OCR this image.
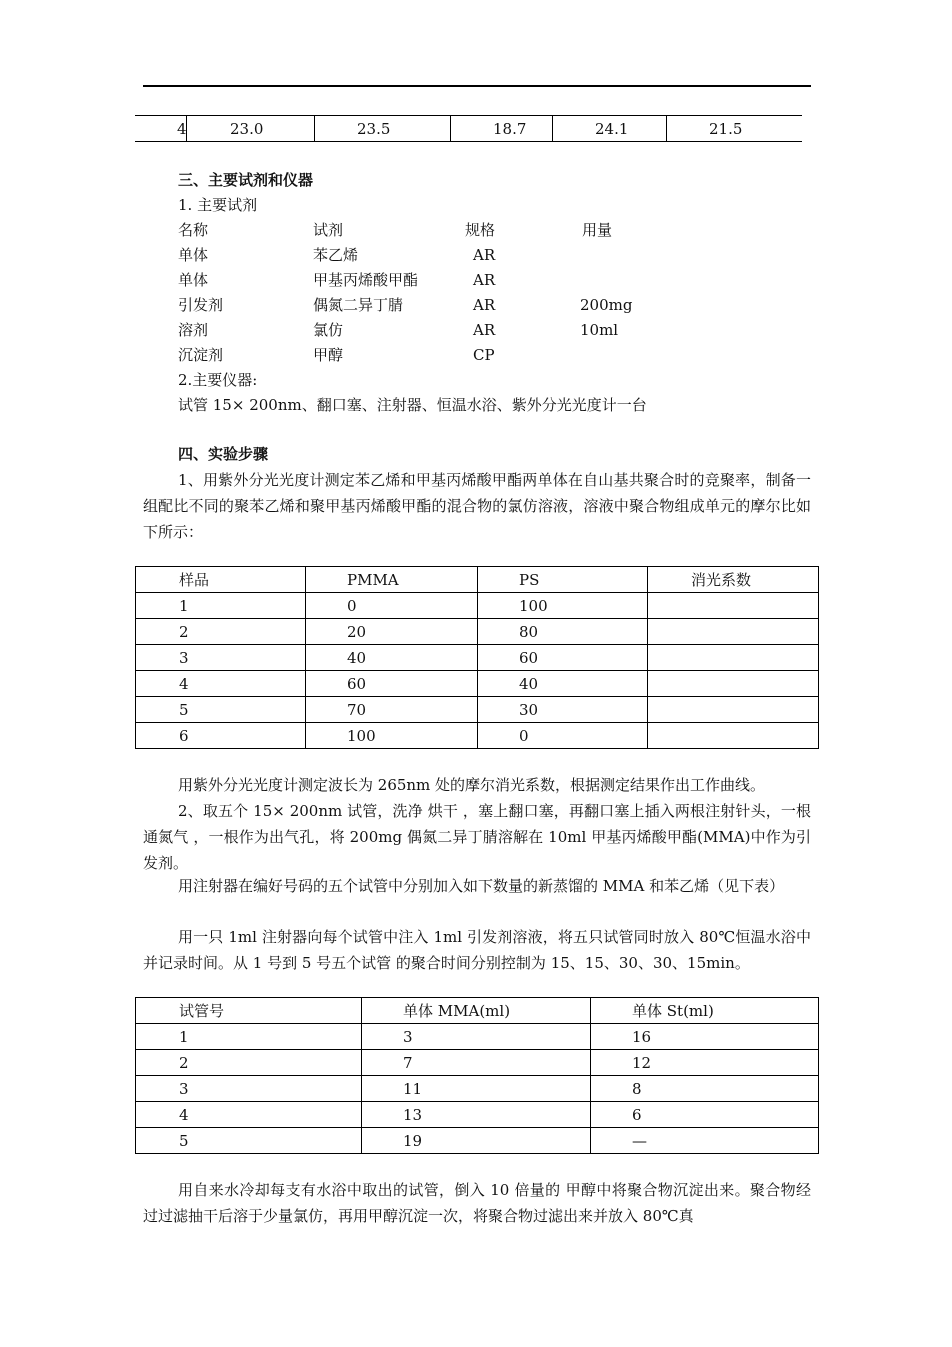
4	23.0	23.5	18.7	24.1	21.5
三、主要试剂和仪器
1. 主要试剂
名称	试剂	规格	用量
单体	苯乙烯	AR
单体	甲基丙烯酸甲酯	AR
引发剂	偶氮二异丁腈	AR	200mg
溶剂	氯仿	AR	10ml
沉淀剂	甲醇	CP
2.主要仪器:
试管 15× 200nm、翻口塞、注射器、恒温水浴、紫外分光光度计一台
四、实验步骤
1、用紫外分光光度计测定苯乙烯和甲基丙烯酸甲酯两单体在自山基共聚合时的竞聚率，制备一组配比不同的聚苯乙烯和聚甲基丙烯酸甲酯的混合物的氯仿溶液，溶液中聚合物组成单元的摩尔比如下所示：
样品	PMMA	PS	消光系数
1	0	100	
2	20	80	
3	40	60	
4	60	40	
5	70	30	
6	100	0	
用紫外分光光度计测定波长为 265nm 处的摩尔消光系数，根据测定结果作出工作曲线。
2、取五个 15× 200nm 试管，洗净 烘干 ，塞上翻口塞，再翻口塞上插入两根注射针头，一根通氮气 ，一根作为出气孔，将 200mg 偶氮二异丁腈溶解在 10ml 甲基丙烯酸甲酯(MMA)中作为引发剂。
用注射器在编好号码的五个试管中分别加入如下数量的新蒸馏的 MMA 和苯乙烯（见下表）
用一只 1ml 注射器向每个试管中注入 1ml 引发剂溶液，将五只试管同时放入 80℃恒温水浴中并记录时间。从 1 号到 5 号五个试管 的聚合时间分别控制为 15、15、30、30、15min。
试管号	单体 MMA(ml)	单体 St(ml)
1	3	16
2	7	12
3	11	8
4	13	6
5	19	—
用自来水冷却每支有水浴中取出的试管，倒入 10 倍量的 甲醇中将聚合物沉淀出来。聚合物经过过滤抽干后溶于少量氯仿，再用甲醇沉淀一次，将聚合物过滤出来并放入 80℃真
